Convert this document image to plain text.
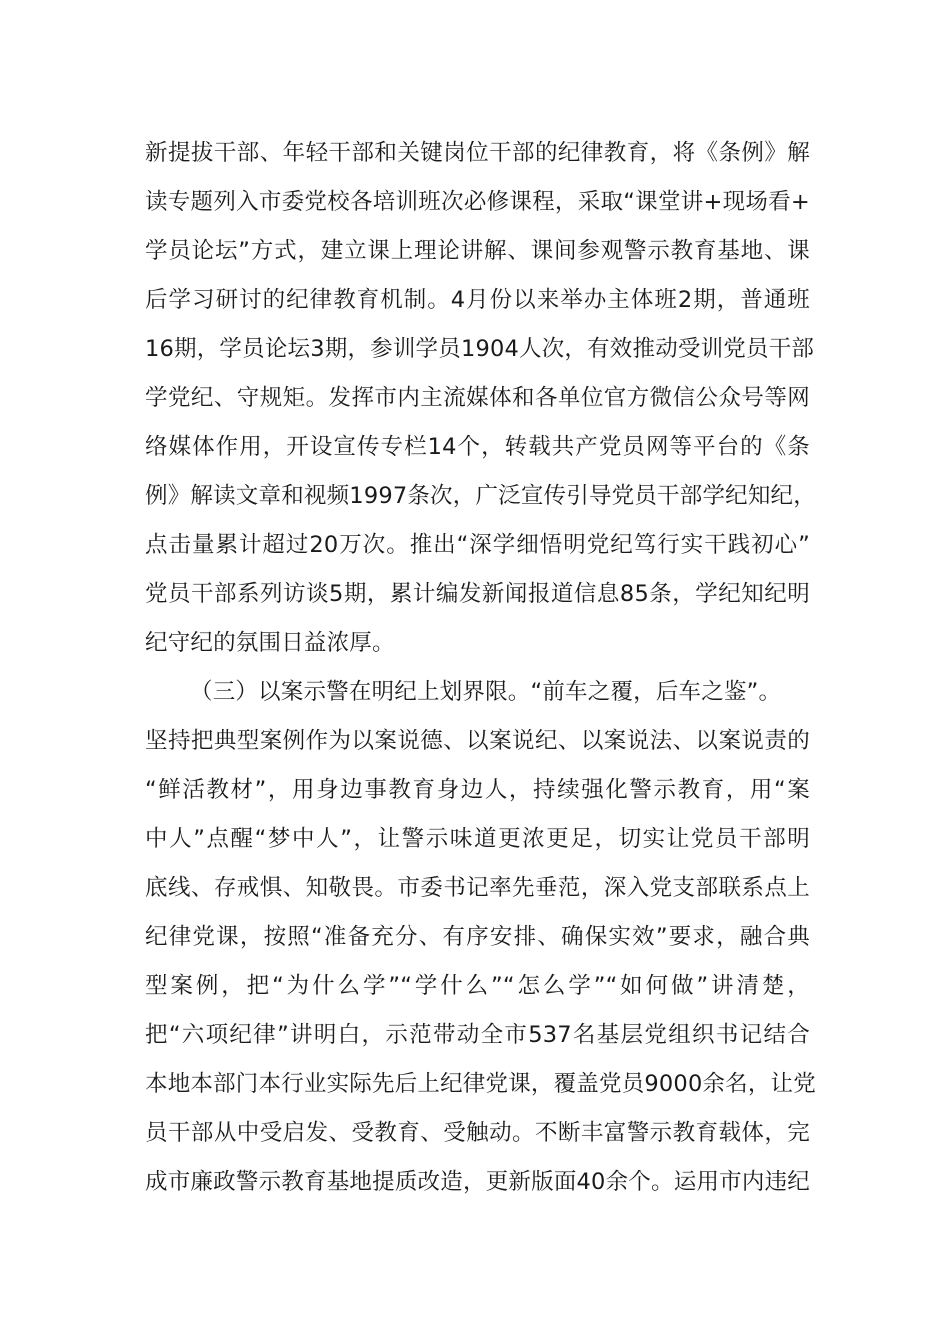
新提拔干部、年轻干部和关键岗位干部的纪律教育，将《条例》解
读专题列入市委党校各培训班次必修课程，采取“课堂讲+现场看+
学员论坛”方式，建立课上理论讲解、课间参观警示教育基地、课
后学习研讨的纪律教育机制。4月份以来举办主体班2期，普通班
16期，学员论坛3期，参训学员1904人次，有效推动受训党员干部
学党纪、守规矩。发挥市内主流媒体和各单位官方微信公众号等网
络媒体作用，开设宣传专栏14个，转载共产党员网等平台的《条
例》解读文章和视频1997条次，广泛宣传引导党员干部学纪知纪，
点击量累计超过20万次。推出“深学细悟明党纪笃行实干践初心”
党员干部系列访谈5期，累计编发新闻报道信息85条，学纪知纪明
纪守纪的氛围日益浓厚。
（三）以案示警在明纪上划界限。“前车之覆，后车之鉴”。
坚持把典型案例作为以案说德、以案说纪、以案说法、以案说责的
“鲜活教材”，用身边事教育身边人，持续强化警示教育，用“案
中人”点醒“梦中人”，让警示味道更浓更足，切实让党员干部明
底线、存戒惧、知敬畏。市委书记率先垂范，深入党支部联系点上
纪律党课，按照“准备充分、有序安排、确保实效”要求，融合典
型案例，把“为什么学”“学什么”“怎么学”“如何做”讲清楚，
把“六项纪律”讲明白，示范带动全市537名基层党组织书记结合
本地本部门本行业实际先后上纪律党课，覆盖党员9000余名，让党
员干部从中受启发、受教育、受触动。不断丰富警示教育载体，完
成市廉政警示教育基地提质改造，更新版面40余个。运用市内违纪
